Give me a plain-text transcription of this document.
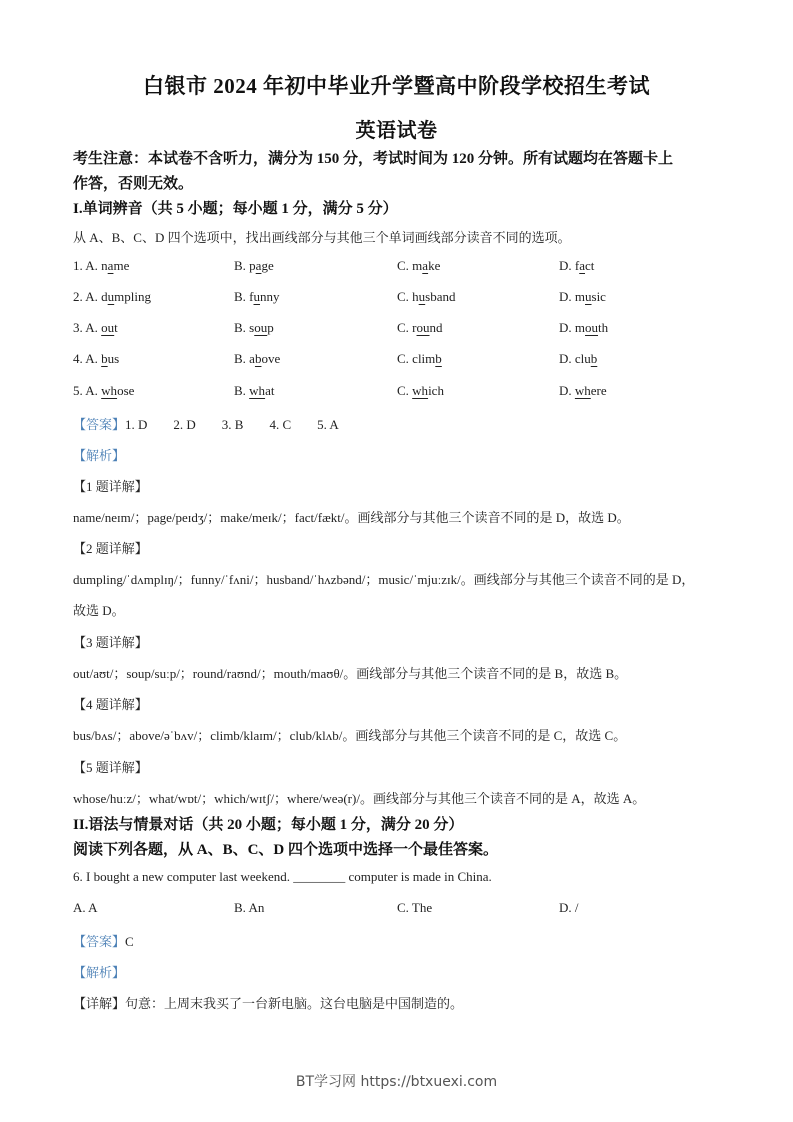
白银市 2024 年初中毕业升学暨高中阶段学校招生考试
英语试卷
考生注意：本试卷不含听力，满分为 150 分，考试时间为 120 分钟。所有试题均在答题卡上
作答，否则无效。
I.单词辨音（共 5 小题；每小题 1 分，满分 5 分）
从 A、B、C、D 四个选项中，找出画线部分与其他三个单词画线部分读音不同的选项。
1. A. name	B. page	C. make	D. fact
2. A. dumpling	B. funny	C. husband	D. music
3. A. out	B. soup	C. round	D. mouth
4. A. bus	B. above	C. climb	D. club
5. A. whose	B. what	C. which	D. where
【答案】1. D 2. D 3. B 4. C 5. A
【解析】
【1 题详解】
name/neɪm/；page/peɪdʒ/；make/meɪk/；fact/fækt/。画线部分与其他三个读音不同的是 D，故选 D。
【2 题详解】
dumpling/ˈdʌmplɪŋ/；funny/ˈfʌni/；husband/ˈhʌzbənd/；music/ˈmjuːzɪk/。画线部分与其他三个读音不同的是 D，
故选 D。
【3 题详解】
out/aʊt/；soup/suːp/；round/raʊnd/；mouth/maʊθ/。画线部分与其他三个读音不同的是 B，故选 B。
【4 题详解】
bus/bʌs/；above/əˈbʌv/；climb/klaɪm/；club/klʌb/。画线部分与其他三个读音不同的是 C，故选 C。
【5 题详解】
whose/huːz/；what/wɒt/；which/wɪtʃ/；where/weə(r)/。画线部分与其他三个读音不同的是 A，故选 A。
II.语法与情景对话（共 20 小题；每小题 1 分，满分 20 分）
阅读下列各题，从 A、B、C、D 四个选项中选择一个最佳答案。
6. I bought a new computer last weekend. ________ computer is made in China.
A. A	B. An	C. The	D. /
【答案】C
【解析】
【详解】句意：上周末我买了一台新电脑。这台电脑是中国制造的。
BT学习网 https://btxuexi.com
